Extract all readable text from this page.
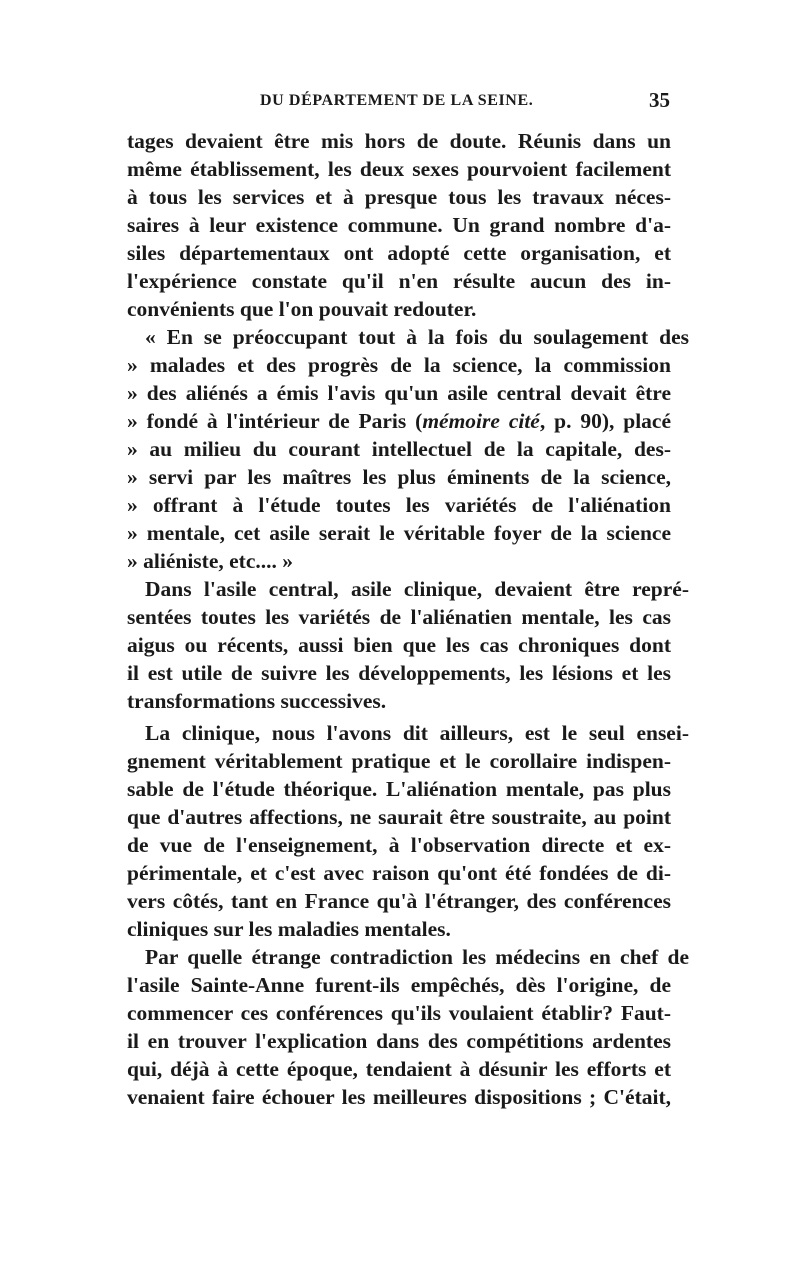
DU DÉPARTEMENT DE LA SEINE.	35
tages devaient être mis hors de doute. Réunis dans un
même établissement, les deux sexes pourvoient facilement
à tous les services et à presque tous les travaux néces-
saires à leur existence commune. Un grand nombre d'a-
siles départementaux ont adopté cette organisation, et
l'expérience constate qu'il n'en résulte aucun des in-
convénients que l'on pouvait redouter.
« En se préoccupant tout à la fois du soulagement des
» malades et des progrès de la science, la commission
» des aliénés a émis l'avis qu'un asile central devait être
» fondé à l'intérieur de Paris (mémoire cité, p. 90), placé
» au milieu du courant intellectuel de la capitale, des-
» servi par les maîtres les plus éminents de la science,
» offrant à l'étude toutes les variétés de l'aliénation
» mentale, cet asile serait le véritable foyer de la science
» aliéniste, etc.... »
Dans l'asile central, asile clinique, devaient être repré-
sentées toutes les variétés de l'aliénatien mentale, les cas
aigus ou récents, aussi bien que les cas chroniques dont
il est utile de suivre les développements, les lésions et les
transformations successives.
La clinique, nous l'avons dit ailleurs, est le seul ensei-
gnement véritablement pratique et le corollaire indispen-
sable de l'étude théorique. L'aliénation mentale, pas plus
que d'autres affections, ne saurait être soustraite, au point
de vue de l'enseignement, à l'observation directe et ex-
périmentale, et c'est avec raison qu'ont été fondées de di-
vers côtés, tant en France qu'à l'étranger, des conférences
cliniques sur les maladies mentales.
Par quelle étrange contradiction les médecins en chef de
l'asile Sainte-Anne furent-ils empêchés, dès l'origine, de
commencer ces conférences qu'ils voulaient établir? Faut-
il en trouver l'explication dans des compétitions ardentes
qui, déjà à cette époque, tendaient à désunir les efforts et
venaient faire échouer les meilleures dispositions ; C'était,
